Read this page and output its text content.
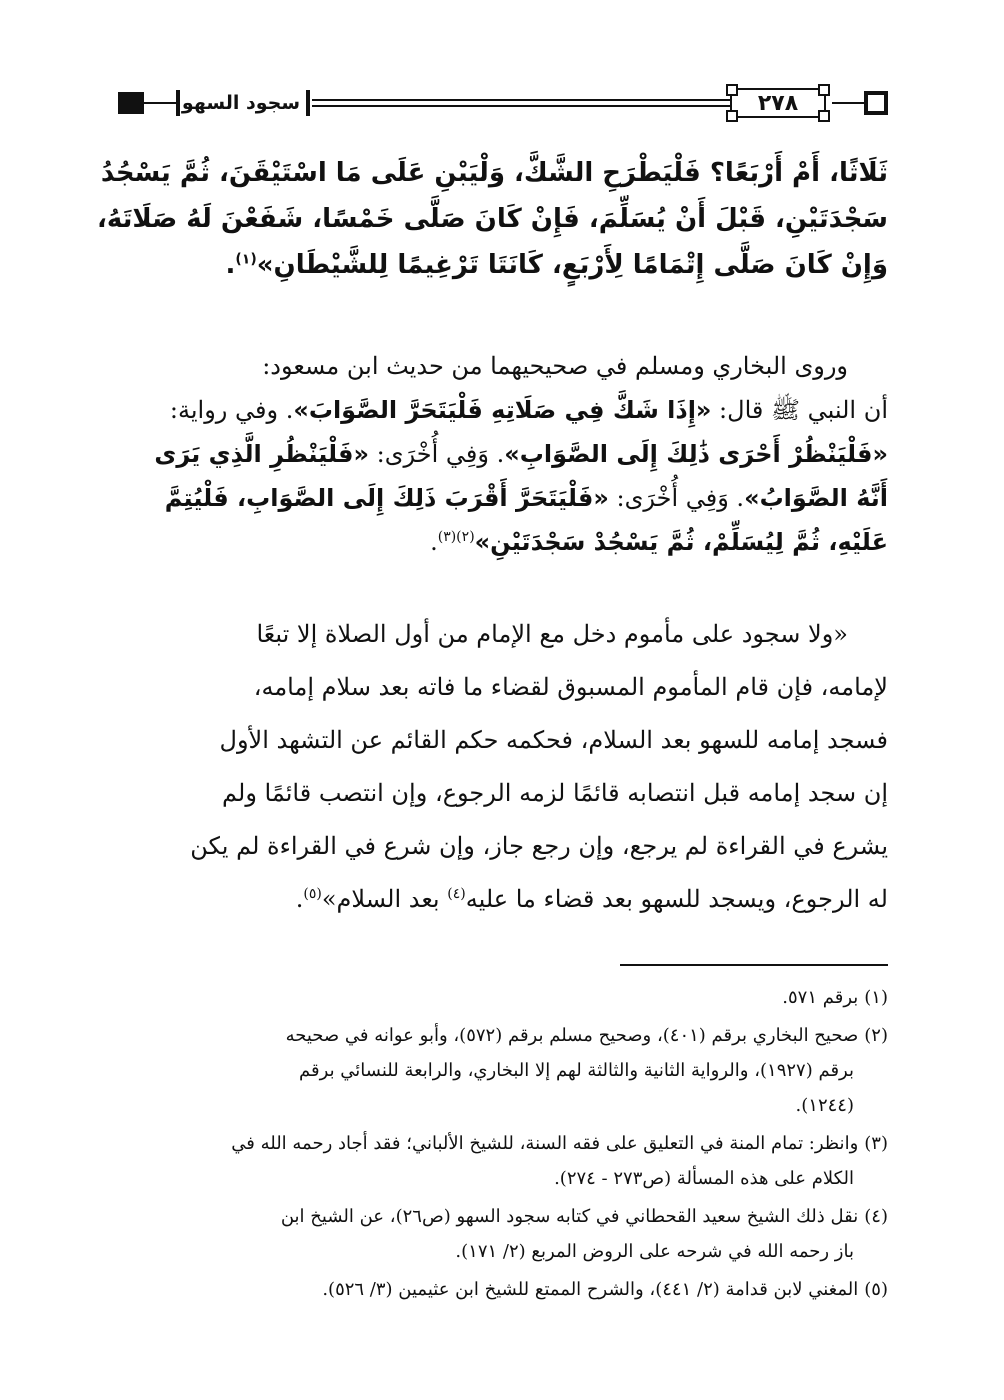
سجود السهو	٢٧٨

ثَلَاثًا، أَمْ أَرْبَعًا؟ فَلْيَطْرَحِ الشَّكَّ، وَلْيَبْنِ عَلَى مَا اسْتَيْقَنَ، ثُمَّ يَسْجُدُ

سَجْدَتَيْنِ، قَبْلَ أَنْ يُسَلِّمَ، فَإِنْ كَانَ صَلَّى خَمْسًا، شَفَعْنَ لَهُ صَلَاتَهُ،

وَإِنْ كَانَ صَلَّى إِتْمَامًا لِأَرْبَعٍ، كَانَتَا تَرْغِيمًا لِلشَّيْطَانِ»$^{(١)}$.

وروى البخاري ومسلم في صحيحيهما من حديث ابن مسعود:

أن النبي ﷺ قال: «إِذَا شَكَّ فِي صَلَاتِهِ فَلْيَتَحَرَّ الصَّوَابَ». وفي رواية:

«فَلْيَنْظُرْ أَحْرَى ذَٰلِكَ إِلَى الصَّوَابِ». وَفِي أُخْرَى: «فَلْيَنْظُرِ الَّذِي يَرَى

أَنَّهُ الصَّوَابُ». وَفِي أُخْرَى: «فَلْيَتَحَرَّ أَقْرَبَ ذَلِكَ إِلَى الصَّوَابِ، فَلْيُتِمَّ

عَلَيْهِ، ثُمَّ لِيُسَلِّمْ، ثُمَّ يَسْجُدْ سَجْدَتَيْنِ»$^{(٢)(٣)}$.

«ولا سجود على مأموم دخل مع الإمام من أول الصلاة إلا تبعًا

لإمامه، فإن قام المأموم المسبوق لقضاء ما فاته بعد سلام إمامه،

فسجد إمامه للسهو بعد السلام، فحكمه حكم القائم عن التشهد الأول

إن سجد إمامه قبل انتصابه قائمًا لزمه الرجوع، وإن انتصب قائمًا ولم

يشرع في القراءة لم يرجع، وإن رجع جاز، وإن شرع في القراءة لم يكن

له الرجوع، ويسجد للسهو بعد قضاء ما عليه$^{(٤)}$ بعد السلام»$^{(٥)}$.

(١)برقم ٥٧١.

(٢)صحيح البخاري برقم (٤٠١)، وصحيح مسلم برقم (٥٧٢)، وأبو عوانه في صحيحه
برقم (١٩٢٧)، والرواية الثانية والثالثة لهم إلا البخاري، والرابعة للنسائي برقم
(١٢٤٤).

(٣)وانظر: تمام المنة في التعليق على فقه السنة، للشيخ الألباني؛ فقد أجاد رحمه الله في
الكلام على هذه المسألة (ص٢٧٣ - ٢٧٤).

(٤)نقل ذلك الشيخ سعيد القحطاني في كتابه سجود السهو (ص٢٦)، عن الشيخ ابن
باز رحمه الله في شرحه على الروض المربع (٢/ ١٧١).

(٥)المغني لابن قدامة (٢/ ٤٤١)، والشرح الممتع للشيخ ابن عثيمين (٣/ ٥٢٦).
